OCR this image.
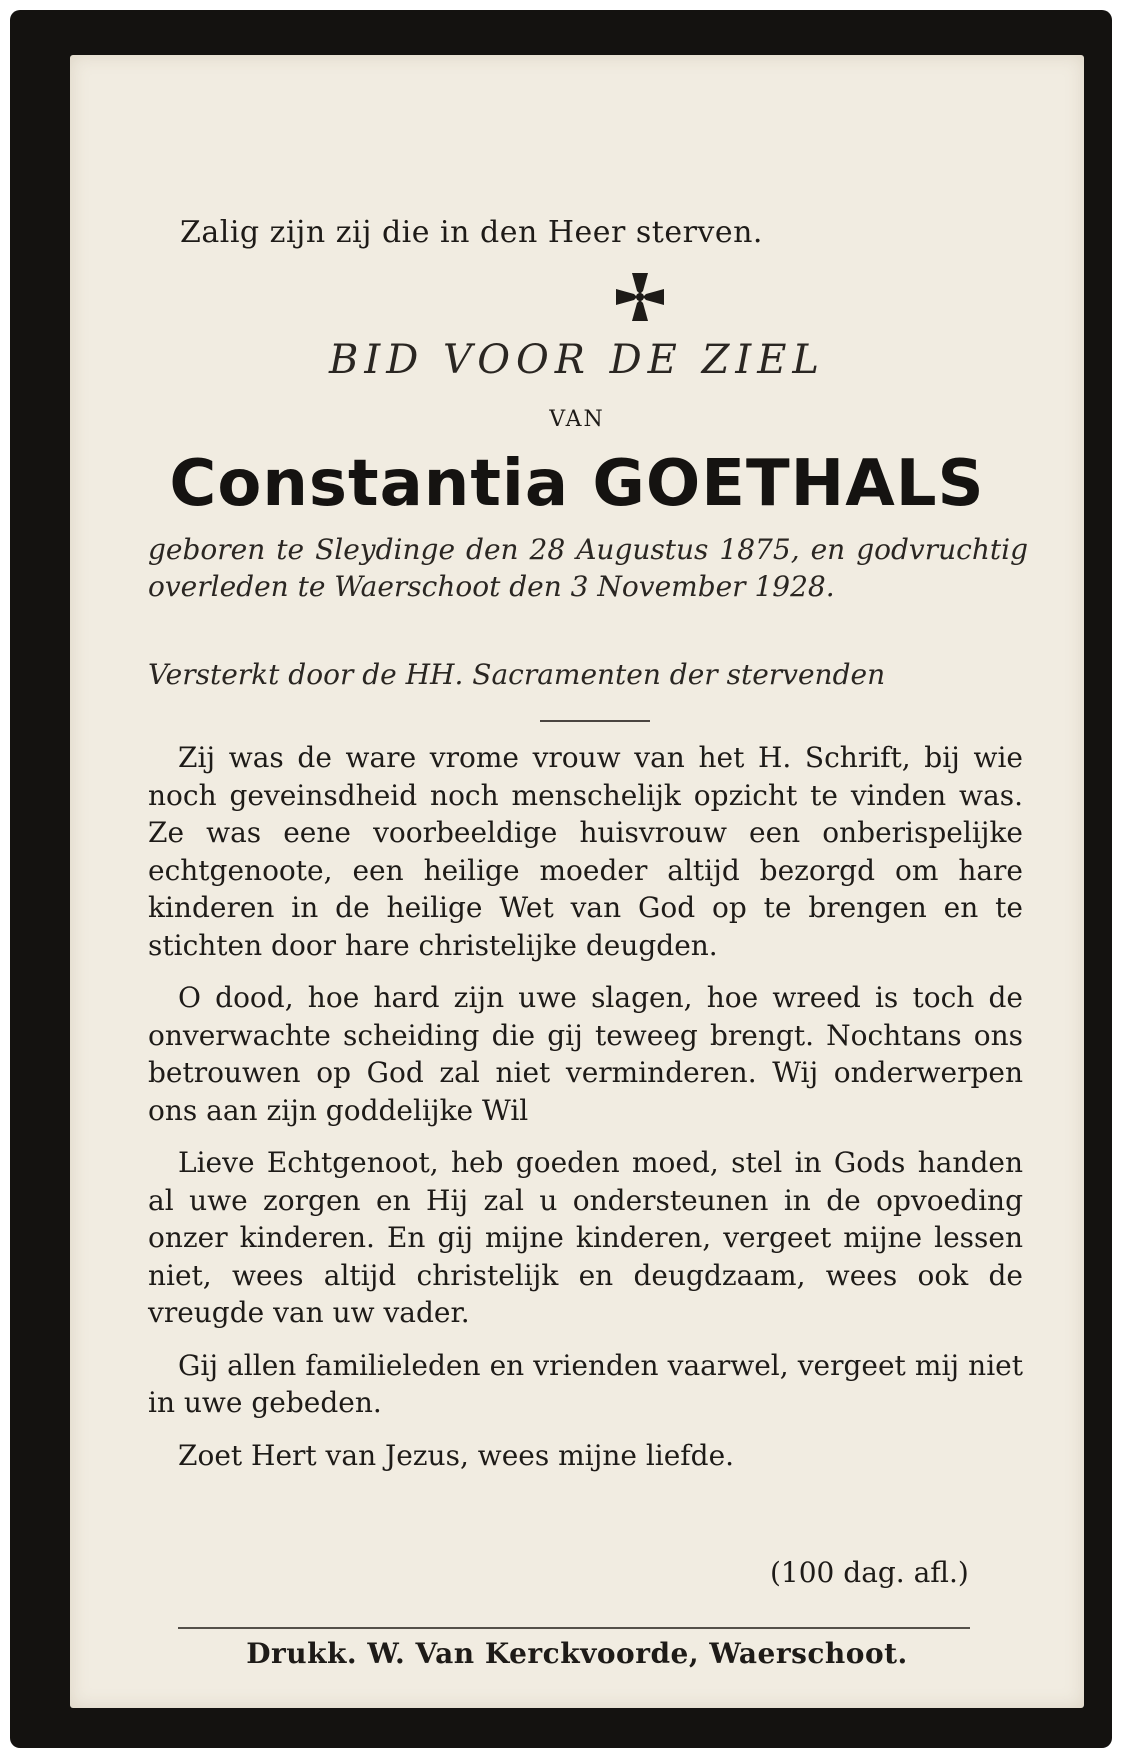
Zalig zijn zij die in den Heer sterven.
BID VOOR DE ZIEL
VAN
Constantia GOETHALS
geboren te Sleydinge den 28 Augustus 1875, en godvruchtig overleden te Waerschoot den 3 November 1928.
Versterkt door de HH. Sacramenten der stervenden

Zij was de ware vrome vrouw van het H. Schrift, bij wie noch geveinsdheid noch menschelijk opzicht te vinden was. Ze was eene voorbeeldige huisvrouw een onberispelijke echtgenoote, een heilige moeder altijd bezorgd om hare kinderen in de heilige Wet van God op te brengen en te stichten door hare christelijke deugden.

O dood, hoe hard zijn uwe slagen, hoe wreed is toch de onverwachte scheiding die gij teweeg brengt. Nochtans ons betrouwen op God zal niet verminderen. Wij onderwerpen ons aan zijn goddelijke Wil

Lieve Echtgenoot, heb goeden moed, stel in Gods handen al uwe zorgen en Hij zal u ondersteunen in de opvoeding onzer kinderen. En gij mijne kinderen, vergeet mijne lessen niet, wees altijd christelijk en deugdzaam, wees ook de vreugde van uw vader.

Gij allen familieleden en vrienden vaarwel, vergeet mij niet in uwe gebeden.

Zoet Hert van Jezus, wees mijne liefde.

(100 dag. afl.)
Drukk. W. Van Kerckvoorde, Waerschoot.
